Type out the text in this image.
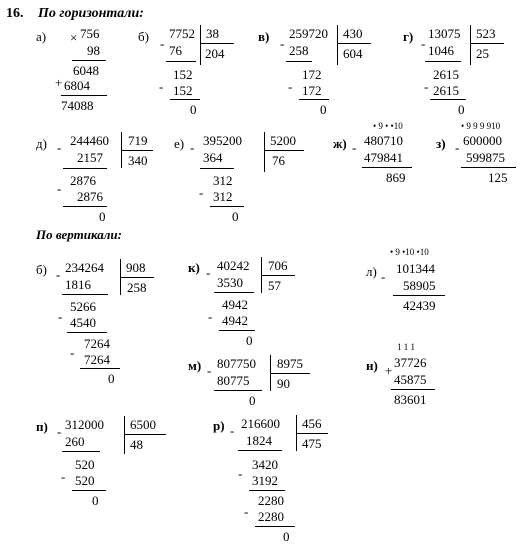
16. По горизонтали:
а) × 756
98
6048
+ 6804
74088
б) -
7752 38
204
76
152
- 152
0
в) -
259720 430
604
258
172
- 172
0
г) -
13075 523
25
1046
2615
- 2615
0
д) - 244460 719
340
2157
2876
-
2876
0
е) - 395200 5200
76
364
312
- 312
0
ж)
• 9 • •10
- 480710
479841
869
з)
• 9 9 9 910
- 600000
599875
125
По вертикали:
б) - 234264 908
258
1816
5266
- 4540
7264
- 7264
0
к) - 40242 706
57
3530
4942
- 4942
0
л)
• 9 •10 •10
-
101344
58905
42439
м) - 807750 8975
90
80775
0
н)
1 1 1
+
37726
45875
83601
п) - 312000 6500
48
260
520
- 520
0
р) - 216600 456
475
1824
3420
- 3192
2280
- 2280
0
